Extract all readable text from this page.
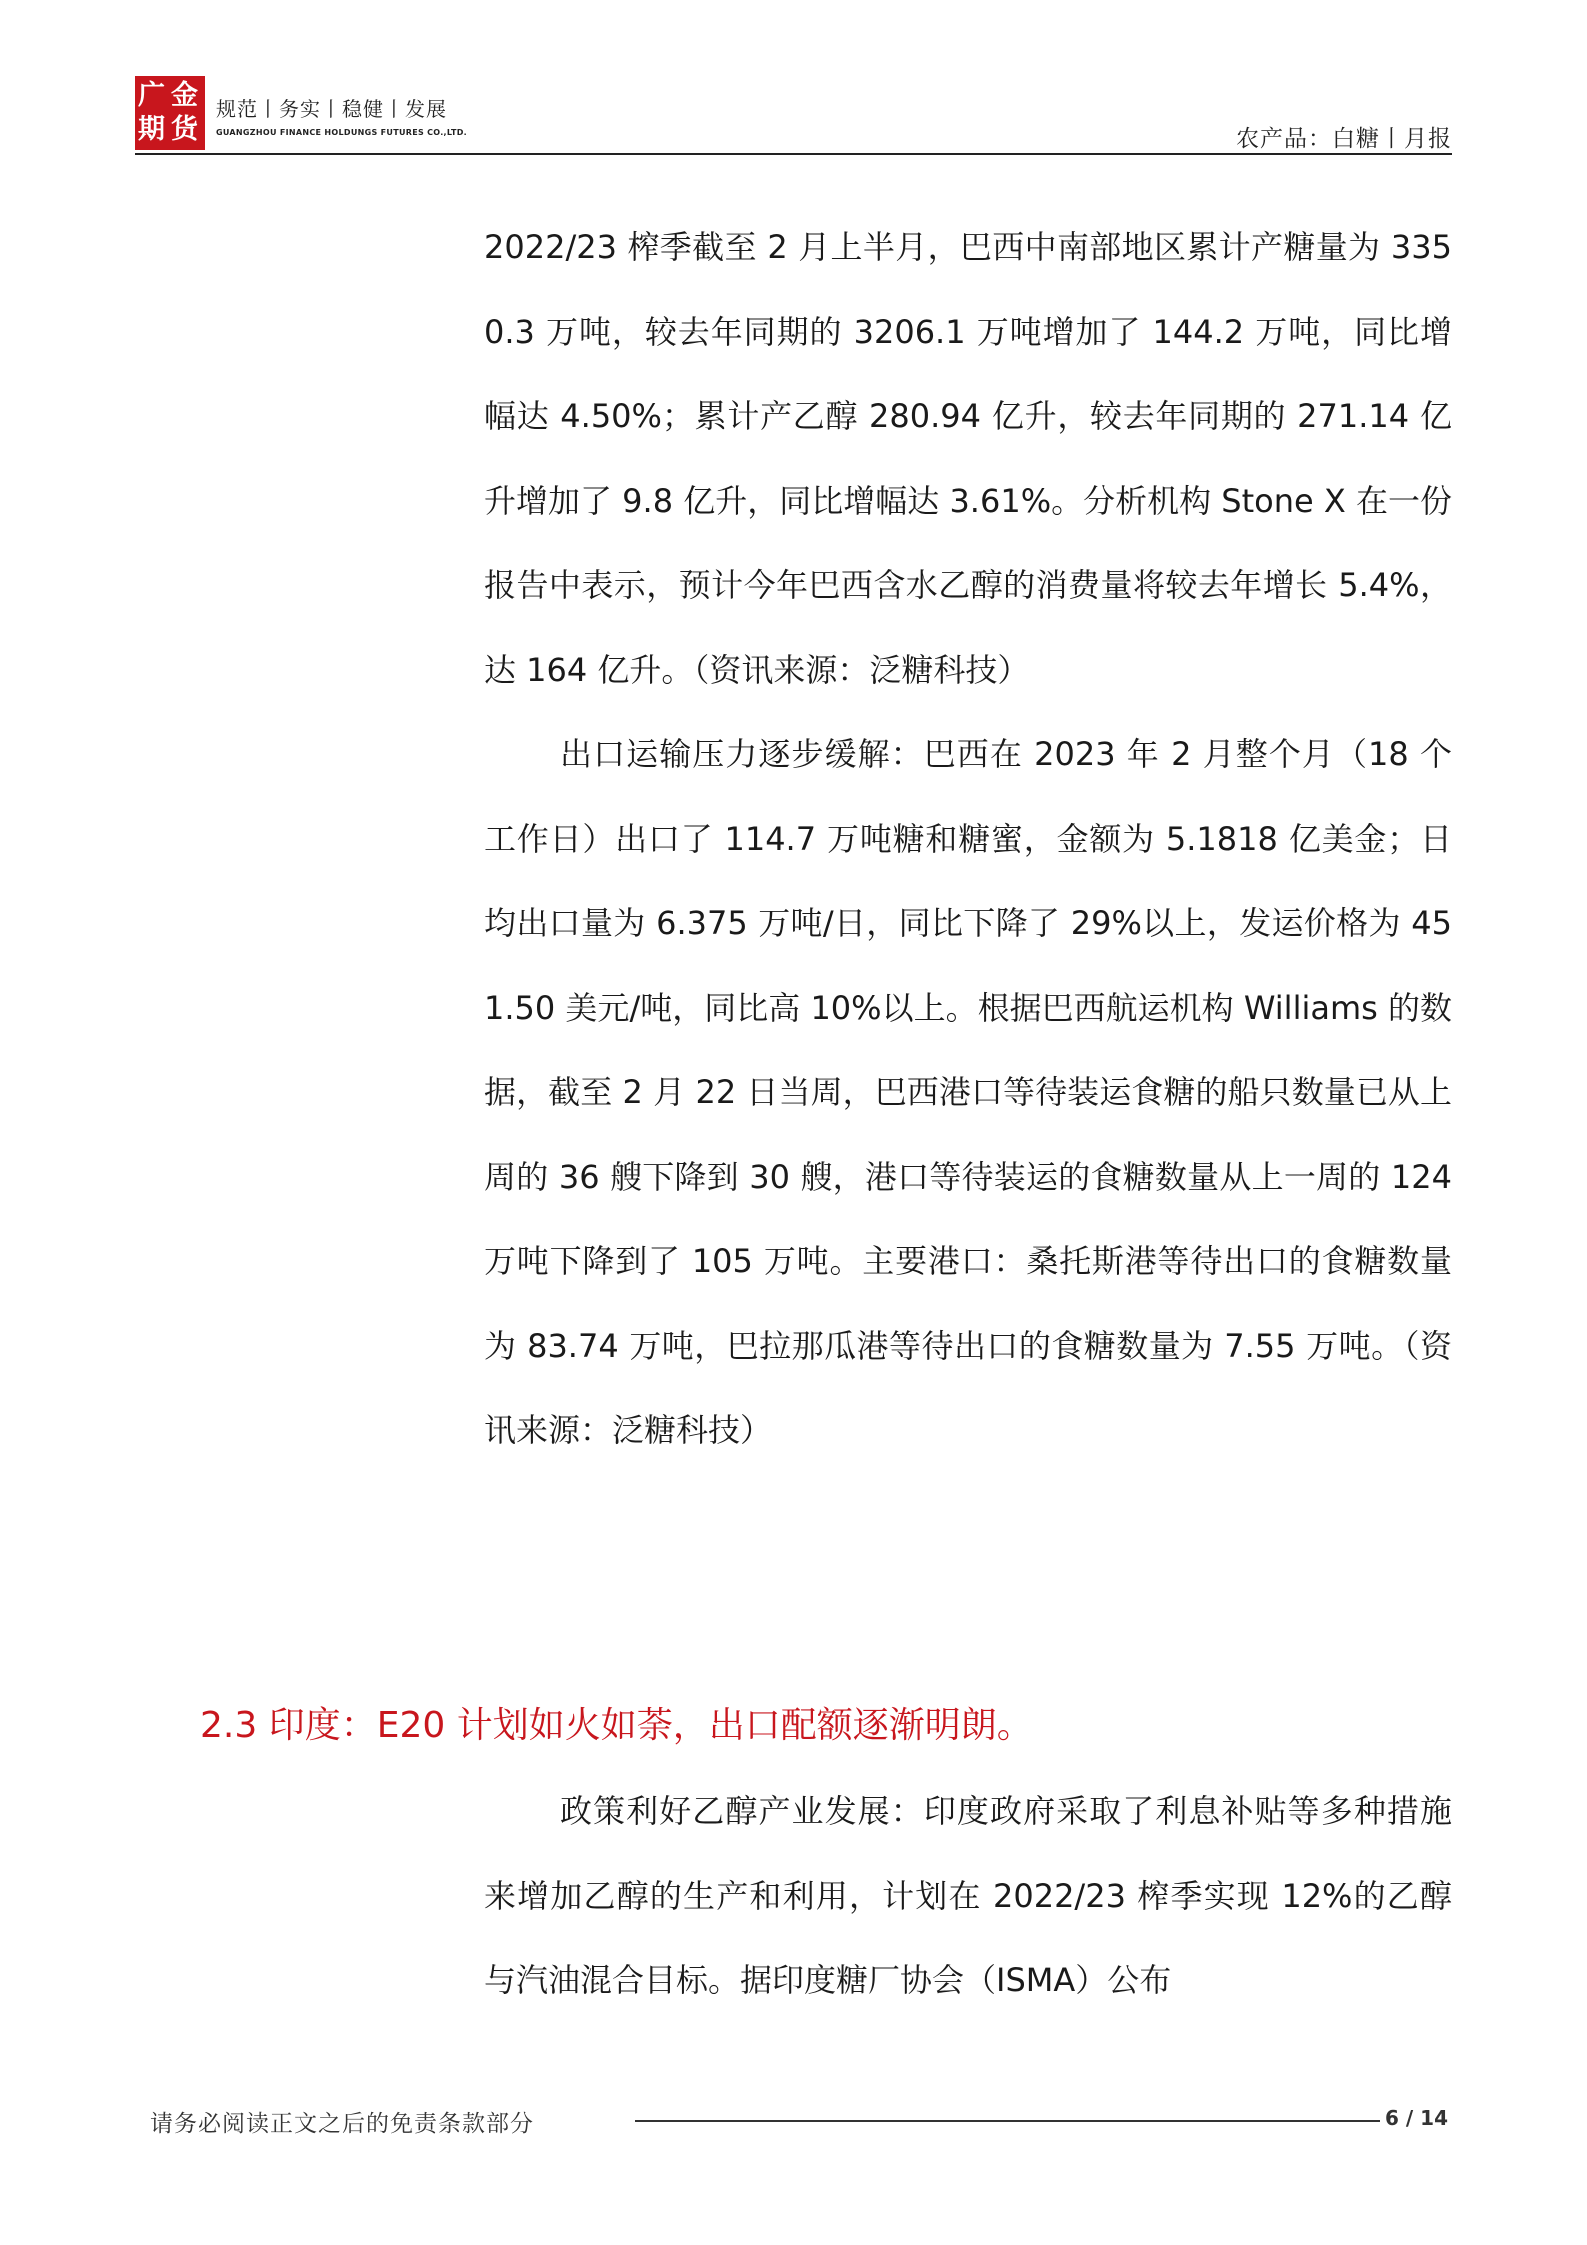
广 金
期 货
规范丨务实丨稳健丨发展
GUANGZHOU FINANCE HOLDUNGS FUTURES CO.,LTD.	农产品：白糖丨月报

2022/23 榨季截至 2 月上半月，巴西中南部地区累计产糖量为 3350.3 万吨，较去年同期的 3206.1 万吨增加了 144.2 万吨，同比增幅达 4.50%；累计产乙醇 280.94 亿升，较去年同期的 271.14 亿升增加了 9.8 亿升，同比增幅达 3.61%。分析机构 Stone X 在一份报告中表示，预计今年巴西含水乙醇的消费量将较去年增长 5.4%，达 164 亿升。（资讯来源：泛糖科技）

出口运输压力逐步缓解：巴西在 2023 年 2 月整个月（18 个工作日）出口了 114.7 万吨糖和糖蜜，金额为 5.1818 亿美金；日均出口量为 6.375 万吨/日，同比下降了 29%以上，发运价格为 451.50 美元/吨，同比高 10%以上。根据巴西航运机构 Williams 的数据，截至 2 月 22 日当周，巴西港口等待装运食糖的船只数量已从上周的 36 艘下降到 30 艘，港口等待装运的食糖数量从上一周的 124 万吨下降到了 105 万吨。主要港口：桑托斯港等待出口的食糖数量为 83.74 万吨，巴拉那瓜港等待出口的食糖数量为 7.55 万吨。（资讯来源：泛糖科技）

2.3 印度：E20 计划如火如荼，出口配额逐渐明朗。

政策利好乙醇产业发展：印度政府采取了利息补贴等多种措施来增加乙醇的生产和利用，计划在 2022/23 榨季实现 12%的乙醇与汽油混合目标。据印度糖厂协会（ISMA）公布

请务必阅读正文之后的免责条款部分	6 / 14
